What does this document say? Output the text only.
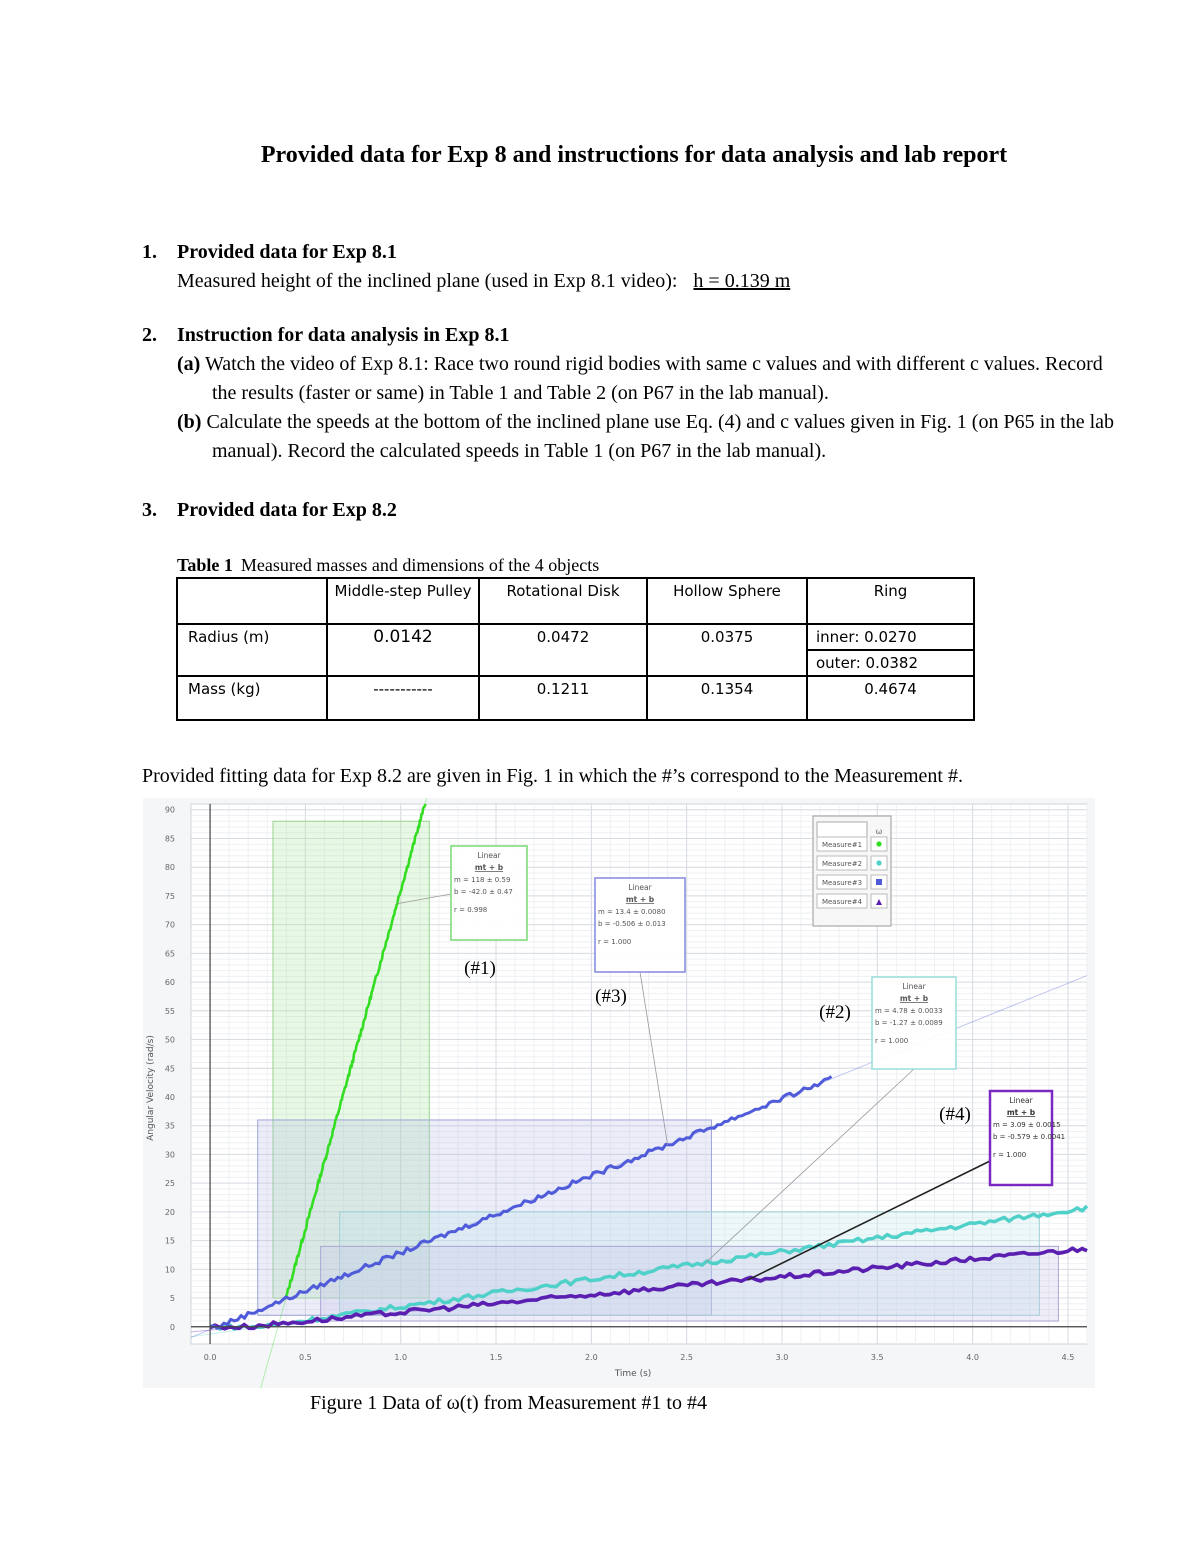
Provided data for Exp 8 and instructions for data analysis and lab report
1. Provided data for Exp 8.1
Measured height of the inclined plane (used in Exp 8.1 video): h = 0.139 m
2. Instruction for data analysis in Exp 8.1
(a) Watch the video of Exp 8.1: Race two round rigid bodies with same c values and with different c values. Record the results (faster or same) in Table 1 and Table 2 (on P67 in the lab manual).
(b) Calculate the speeds at the bottom of the inclined plane use Eq. (4) and c values given in Fig. 1 (on P65 in the lab manual). Record the calculated speeds in Table 1 (on P67 in the lab manual).
3. Provided data for Exp 8.2
Table 1 Measured masses and dimensions of the 4 objects
	Middle-step Pulley	Rotational Disk	Hollow Sphere	Ring
Radius (m)	0.0142	0.0472	0.0375	inner: 0.0270
				outer: 0.0382
Mass (kg)	-----------	0.1211	0.1354	0.4674
Provided fitting data for Exp 8.2 are given in Fig. 1 in which the #’s correspond to the Measurement #.
0.0	0.5	1.0	1.5	2.0	2.5	3.0	3.5	4.0	4.5
0
5
10
15
20
25
30
35
40
45
50
55
60
65
70
75
80
85
90
Time (s)
Angular Velocity (rad/s)
Linear
mt + b
m = 118 ± 0.59
b = -42.0 ± 0.47
r = 0.998
Linear
mt + b
m = 4.78 ± 0.0033
b = -1.27 ± 0.0089
r = 1.000
Linear
mt + b
m = 13.4 ± 0.0080
b = -0.506 ± 0.013
r = 1.000
Linear
mt + b
m = 3.09 ± 0.0015
b = -0.579 ± 0.0041
r = 1.000
(#1)
(#2)
(#3)
(#4)
ω
Measure#1
Measure#2
Measure#3
Measure#4
Figure 1 Data of ω(t) from Measurement #1 to #4
